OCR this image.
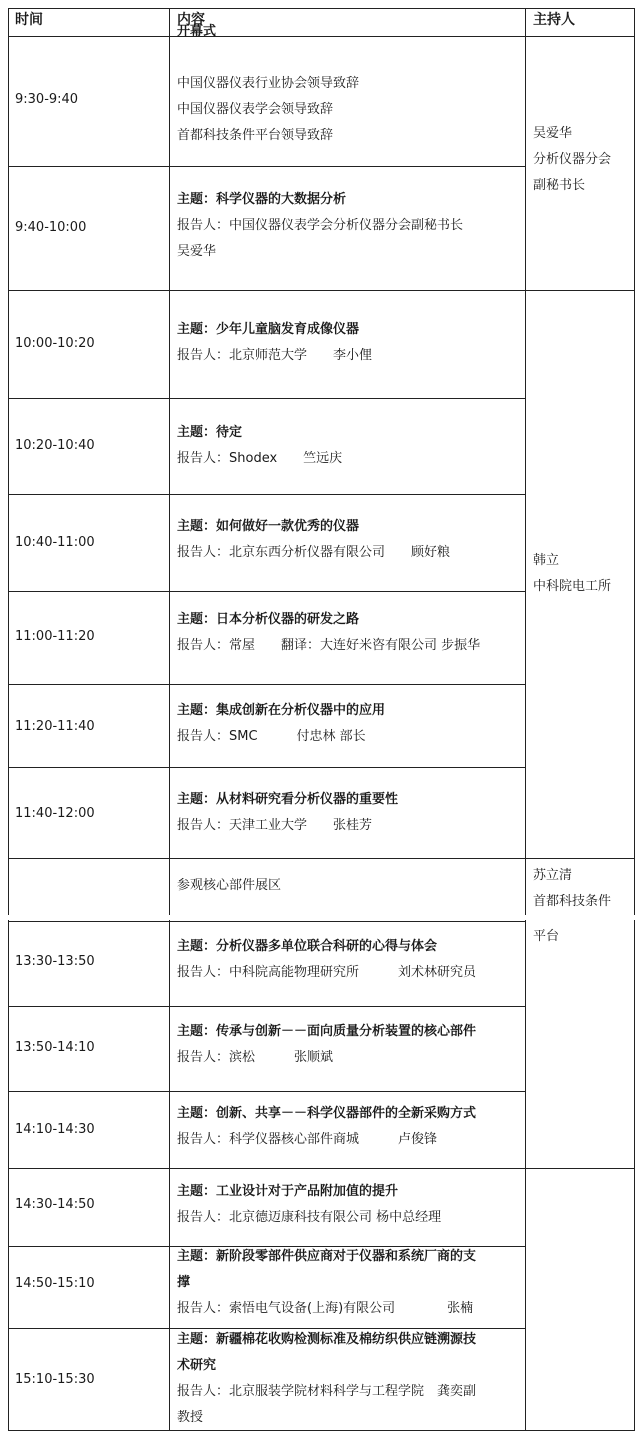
时间	内容	主持人
9:30-9:40
开幕式
中国仪器仪表行业协会领导致辞
中国仪器仪表学会领导致辞
首都科技条件平台领导致辞
9:40-10:00
主题：科学仪器的大数据分析
报告人：中国仪器仪表学会分析仪器分会副秘书长
吴爱华
10:00-10:20
主题：少年儿童脑发育成像仪器
报告人：北京师范大学　　李小俚
10:20-10:40
主题：待定
报告人：Shodex　　竺远庆
10:40-11:00
主题：如何做好一款优秀的仪器
报告人：北京东西分析仪器有限公司　　顾好粮
11:00-11:20
主题：日本分析仪器的研发之路
报告人：常屋　　翻译：大连好米咨有限公司 步振华
11:20-11:40
主题：集成创新在分析仪器中的应用
报告人：SMC　　　付忠林 部长
11:40-12:00
主题：从材料研究看分析仪器的重要性
报告人：天津工业大学　　张桂芳
参观核心部件展区
13:30-13:50
主题：分析仪器多单位联合科研的心得与体会
报告人：中科院高能物理研究所　　　刘术林研究员
13:50-14:10
主题：传承与创新－－面向质量分析装置的核心部件
报告人：滨松　　　张顺斌
14:10-14:30
主题：创新、共享－－科学仪器部件的全新采购方式
报告人：科学仪器核心部件商城　　　卢俊锋
14:30-14:50
主题：工业设计对于产品附加值的提升
报告人：北京德迈康科技有限公司 杨中总经理
14:50-15:10
主题：新阶段零部件供应商对于仪器和系统厂商的支
撑
报告人：索悟电气设备(上海)有限公司　　　　张楠
15:10-15:30
主题：新疆棉花收购检测标准及棉纺织供应链溯源技
术研究
报告人：北京服装学院材料科学与工程学院　龚奕副
教授
吴爱华
分析仪器分会
副秘书长
韩立
中科院电工所
苏立清
首都科技条件
平台
